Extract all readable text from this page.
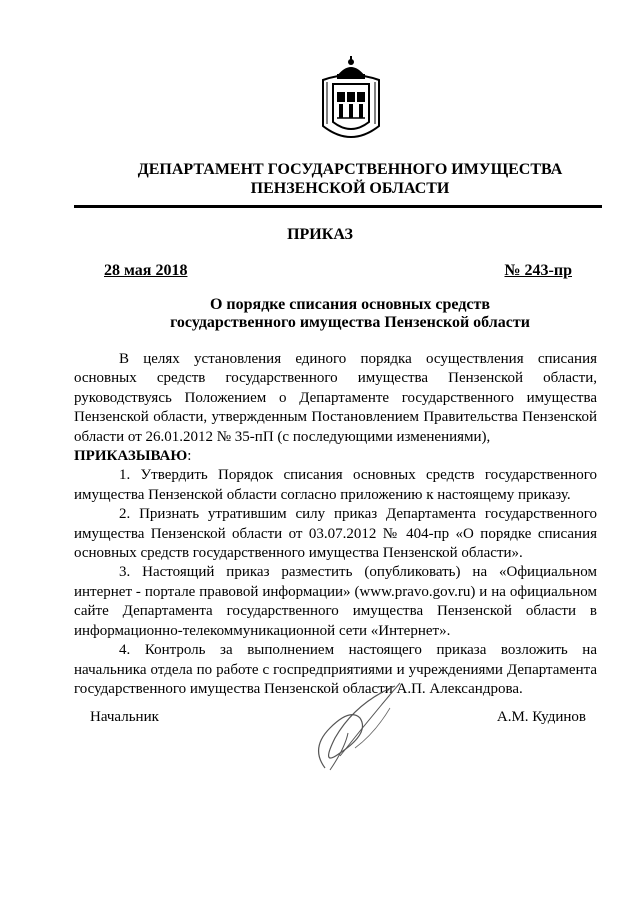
ДЕПАРТАМЕНТ ГОСУДАРСТВЕННОГО ИМУЩЕСТВА
ПЕНЗЕНСКОЙ ОБЛАСТИ
ПРИКАЗ
28 мая 2018	№ 243-пр
О порядке списания основных средств
государственного имущества Пензенской области

В целях установления единого порядка осуществления списания основных средств государственного имущества Пензенской области, руководствуясь Положением о Департаменте государственного имущества Пензенской области, утвержденным Постановлением Правительства Пензенской области от 26.01.2012 № 35-пП (с последующими изменениями),

ПРИКАЗЫВАЮ:

1. Утвердить Порядок списания основных средств государственного имущества Пензенской области согласно приложению к настоящему приказу.

2. Признать утратившим силу приказ Департамента государственного имущества Пензенской области от 03.07.2012 № 404-пр «О порядке списания основных средств государственного имущества Пензенской области».

3. Настоящий приказ разместить (опубликовать) на «Официальном интернет - портале правовой информации» (www.pravo.gov.ru) и на официальном сайте Департамента государственного имущества Пензенской области в информационно-телекоммуникационной сети «Интернет».

4. Контроль за выполнением настоящего приказа возложить на начальника отдела по работе с госпредприятиями и учреждениями Департамента государственного имущества Пензенской области А.П. Александрова.

Начальник	А.М. Кудинов
